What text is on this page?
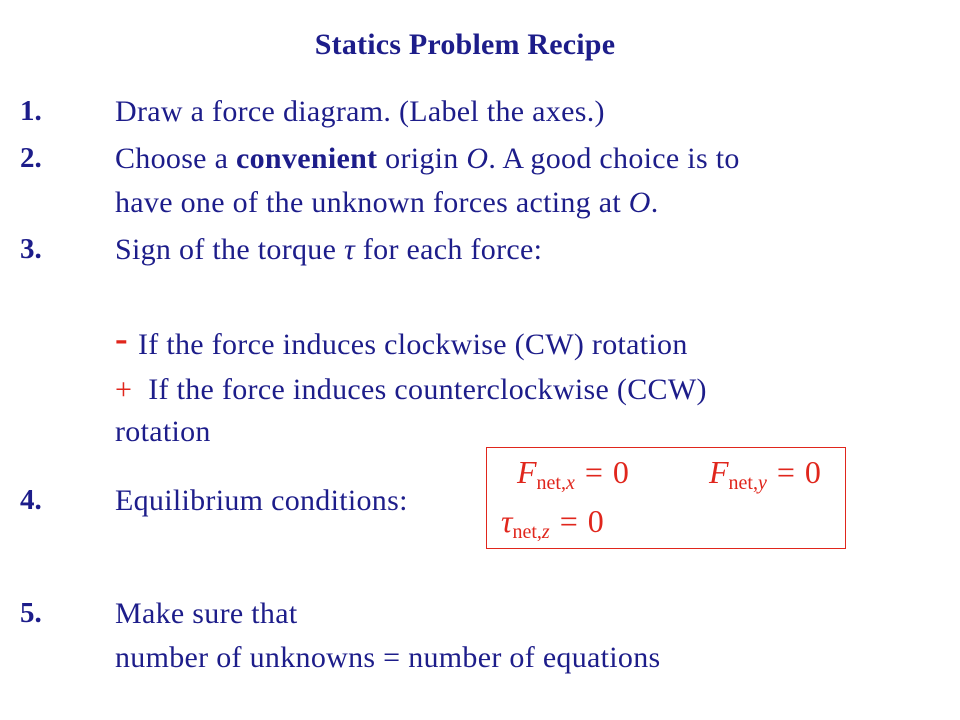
Statics Problem Recipe
1. Draw a force diagram. (Label the axes.)
2. Choose a convenient origin O. A good choice is to
have one of the unknown forces acting at O.
3. Sign of the torque τ for each force:
- If the force induces clockwise (CW) rotation
+ If the force induces counterclockwise (CCW)
rotation
4. Equilibrium conditions:
$F_{net,x} = 0$	$F_{net,y} = 0$
$\tau_{net,z} = 0$
5. Make sure that
number of unknowns = number of equations
